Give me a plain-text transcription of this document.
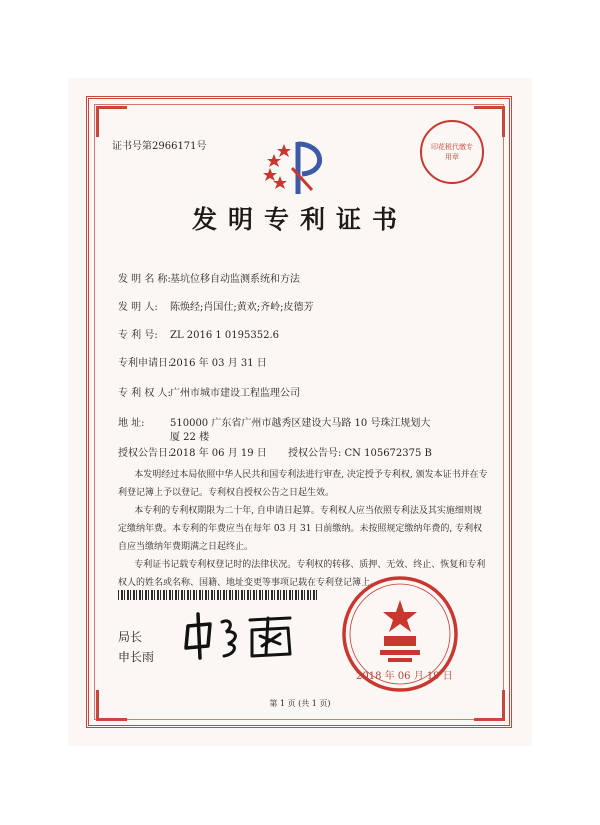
证书号第2966171号	印花税代缴专用章
发明专利证书
发 明 名 称:基坑位移自动监测系统和方法
发 明 人: 陈焕经;肖国仕;黄欢;齐岭;皮德芳
专 利 号: ZL 2016 1 0195352.6
专利申请日:2016 年 03 月 31 日
专 利 权 人:广州市城市建设工程监理公司
地 址:	510000 广东省广州市越秀区建设大马路 10 号珠江规划大
厦 22 楼
授权公告日:2018 年 06 月 19 日 授权公告号: CN 105672375 B

本发明经过本局依照中华人民共和国专利法进行审查, 决定授予专利权, 颁发本证书并在专利登记簿上予以登记。专利权自授权公告之日起生效。

本专利的专利权期限为二十年, 自申请日起算。专利权人应当依照专利法及其实施细则规定缴纳年费。本专利的年费应当在每年 03 月 31 日前缴纳。未按照规定缴纳年费的, 专利权自应当缴纳年费期满之日起终止。

专利证书记载专利权登记时的法律状况。专利权的转移、质押、无效、终止、恢复和专利权人的姓名或名称、国籍、地址变更等事项记载在专利登记簿上。

局长
申长雨
2018 年 06 月 19 日
第 1 页 (共 1 页)
